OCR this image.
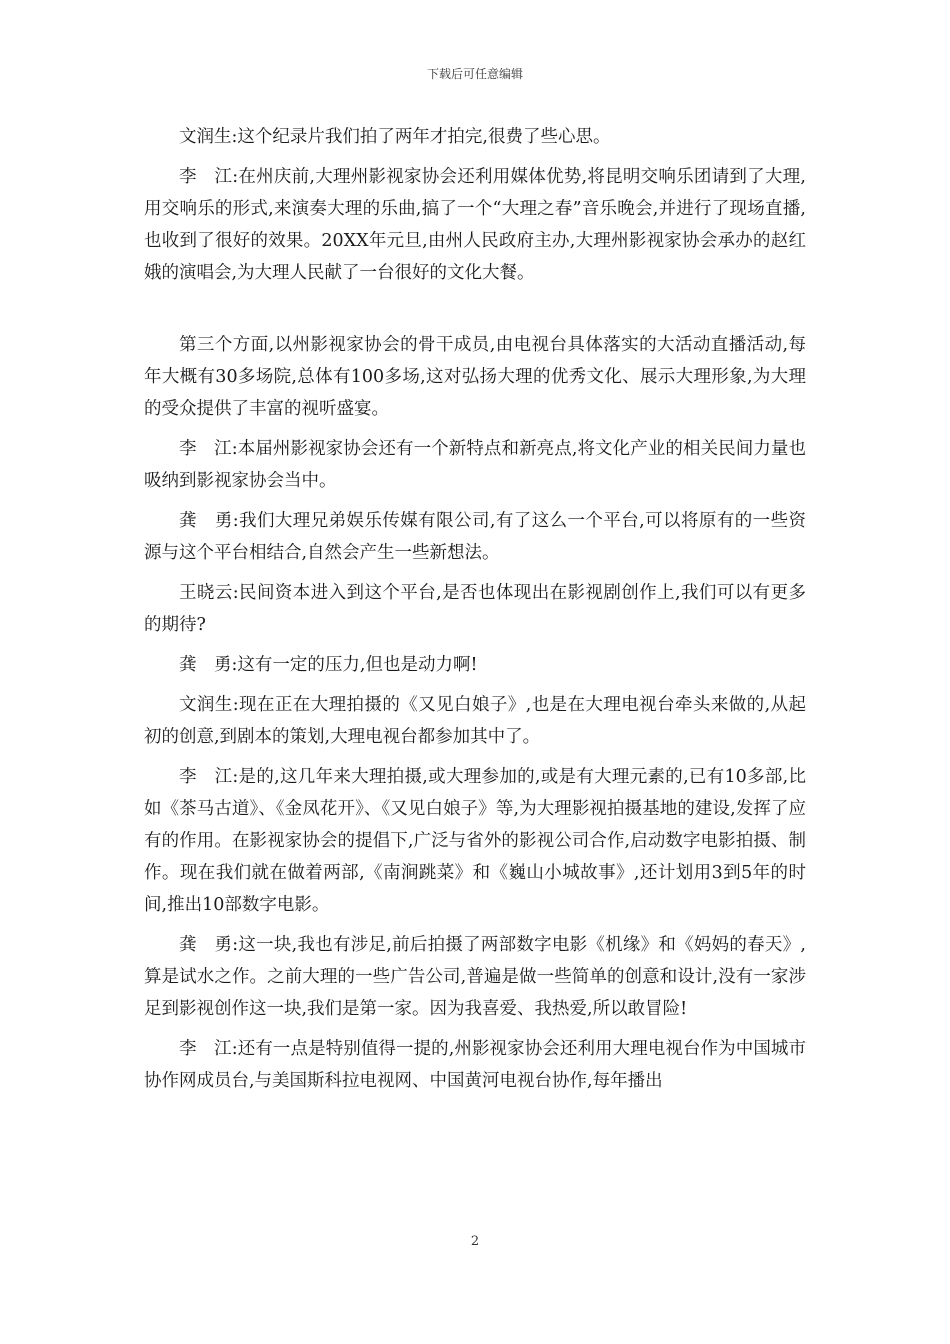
下载后可任意编辑

文润生:这个纪录片我们拍了两年才拍完,很费了些心思。

李　江:在州庆前,大理州影视家协会还利用媒体优势,将昆明交响乐团请到了大理,用交响乐的形式,来演奏大理的乐曲,搞了一个“大理之春”音乐晚会,并进行了现场直播,也收到了很好的效果。20XX年元旦,由州人民政府主办,大理州影视家协会承办的赵红娥的演唱会,为大理人民献了一台很好的文化大餐。

第三个方面,以州影视家协会的骨干成员,由电视台具体落实的大活动直播活动,每年大概有30多场院,总体有100多场,这对弘扬大理的优秀文化、展示大理形象,为大理的受众提供了丰富的视听盛宴。

李　江:本届州影视家协会还有一个新特点和新亮点,将文化产业的相关民间力量也吸纳到影视家协会当中。

龚　勇:我们大理兄弟娱乐传媒有限公司,有了这么一个平台,可以将原有的一些资源与这个平台相结合,自然会产生一些新想法。

王晓云:民间资本进入到这个平台,是否也体现出在影视剧创作上,我们可以有更多的期待?

龚　勇:这有一定的压力,但也是动力啊!

文润生:现在正在大理拍摄的《又见白娘子》,也是在大理电视台牵头来做的,从起初的创意,到剧本的策划,大理电视台都参加其中了。

李　江:是的,这几年来大理拍摄,或大理参加的,或是有大理元素的,已有10多部,比如《茶马古道》、《金凤花开》、《又见白娘子》等,为大理影视拍摄基地的建设,发挥了应有的作用。在影视家协会的提倡下,广泛与省外的影视公司合作,启动数字电影拍摄、制作。现在我们就在做着两部,《南涧跳菜》和《巍山小城故事》,还计划用3到5年的时间,推出10部数字电影。

龚　勇:这一块,我也有涉足,前后拍摄了两部数字电影《机缘》和《妈妈的春天》,算是试水之作。之前大理的一些广告公司,普遍是做一些简单的创意和设计,没有一家涉足到影视创作这一块,我们是第一家。因为我喜爱、我热爱,所以敢冒险!

李　江:还有一点是特别值得一提的,州影视家协会还利用大理电视台作为中国城市协作网成员台,与美国斯科拉电视网、中国黄河电视台协作,每年播出

2
